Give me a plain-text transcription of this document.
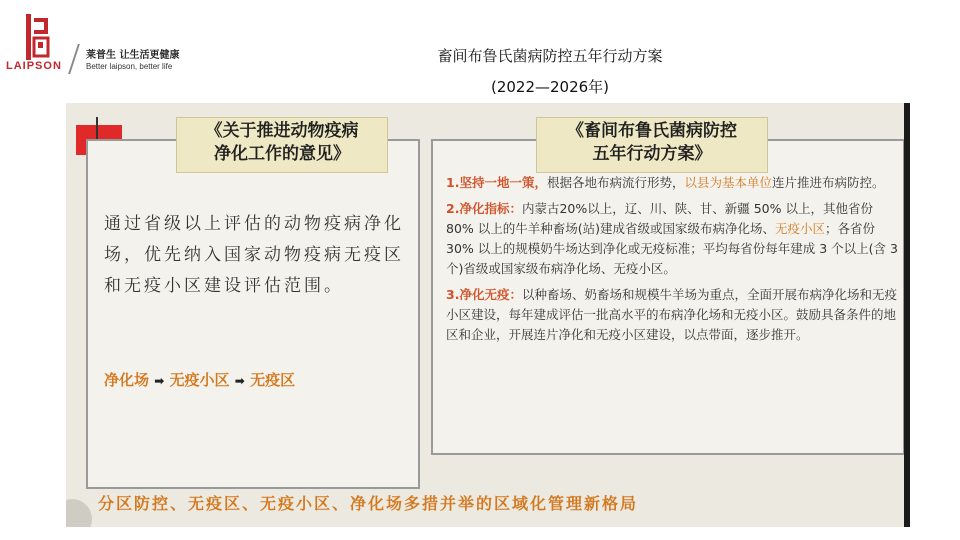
LAIPSON
莱普生 让生活更健康
Better laipson, better life
畜间布鲁氏菌病防控五年行动方案
(2022—2026年)
《关于推进动物疫病
净化工作的意见》
《畜间布鲁氏菌病防控
五年行动方案》
通过省级以上评估的动物疫病净化场，优先纳入国家动物疫病无疫区和无疫小区建设评估范围。
净化场 ➡ 无疫小区 ➡ 无疫区

1.坚持一地一策，根据各地布病流行形势，以县为基本单位连片推进布病防控。

2.净化指标：内蒙古20%以上，辽、川、陕、甘、新疆 50% 以上，其他省份 80% 以上的牛羊种畜场(站)建成省级或国家级布病净化场、无疫小区；各省份 30% 以上的规模奶牛场达到净化或无疫标准；平均每省份每年建成 3 个以上(含 3 个)省级或国家级布病净化场、无疫小区。

3.净化无疫：以种畜场、奶畜场和规模牛羊场为重点，全面开展布病净化场和无疫小区建设，每年建成评估一批高水平的布病净化场和无疫小区。鼓励具备条件的地区和企业，开展连片净化和无疫小区建设，以点带面，逐步推开。

分区防控、无疫区、无疫小区、净化场多措并举的区域化管理新格局
